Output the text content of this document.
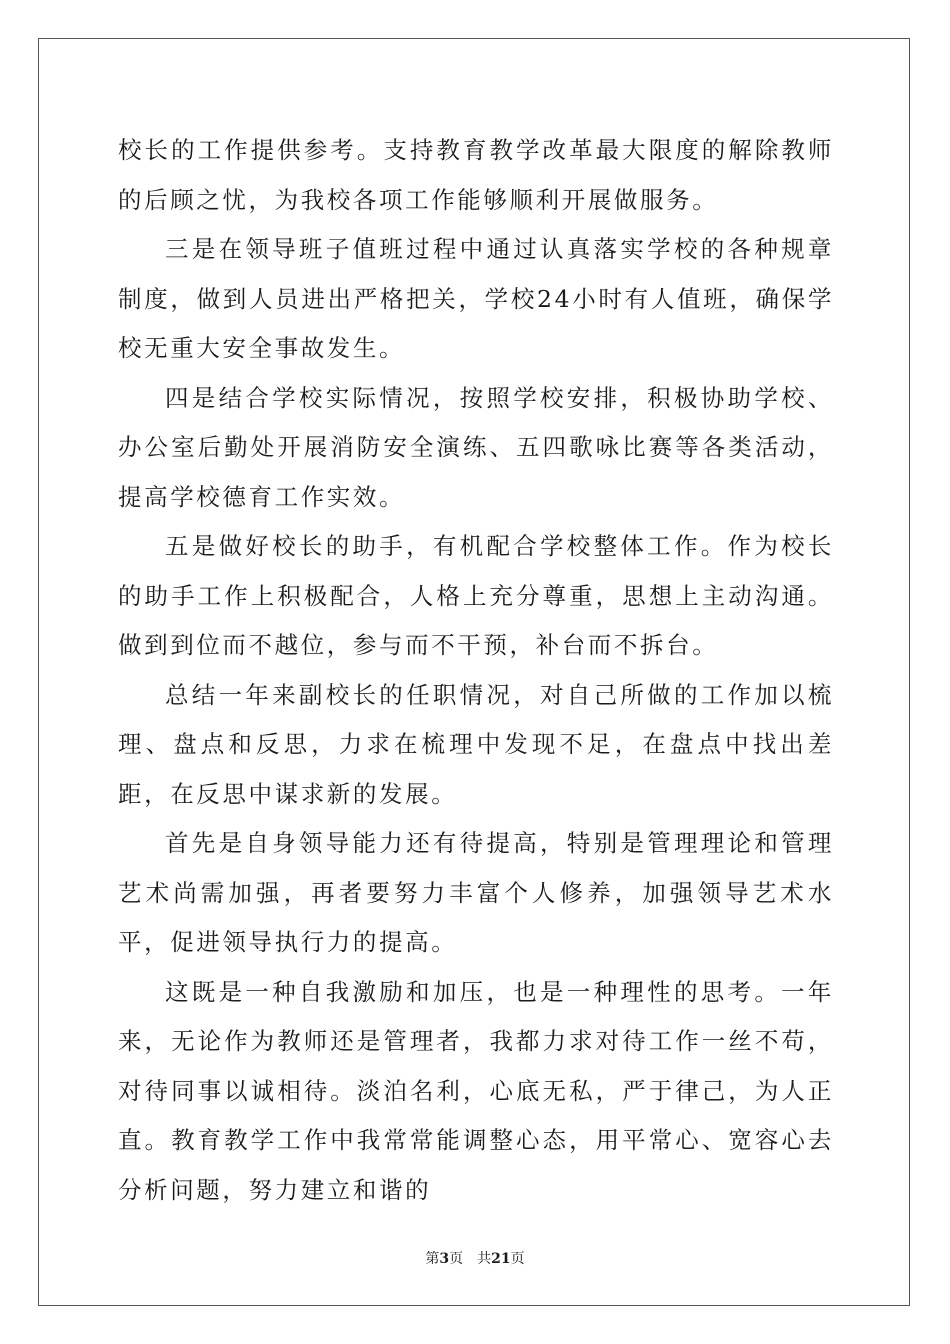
校长的工作提供参考。支持教育教学改革最大限度的解除教师的后顾之忧，为我校各项工作能够顺利开展做服务。

三是在领导班子值班过程中通过认真落实学校的各种规章制度，做到人员进出严格把关，学校24小时有人值班，确保学校无重大安全事故发生。

四是结合学校实际情况，按照学校安排，积极协助学校、办公室后勤处开展消防安全演练、五四歌咏比赛等各类活动，提高学校德育工作实效。

五是做好校长的助手，有机配合学校整体工作。作为校长的助手工作上积极配合，人格上充分尊重，思想上主动沟通。做到到位而不越位，参与而不干预，补台而不拆台。

总结一年来副校长的任职情况，对自己所做的工作加以梳理、盘点和反思，力求在梳理中发现不足，在盘点中找出差距，在反思中谋求新的发展。

首先是自身领导能力还有待提高，特别是管理理论和管理艺术尚需加强，再者要努力丰富个人修养，加强领导艺术水平，促进领导执行力的提高。

这既是一种自我激励和加压，也是一种理性的思考。一年来，无论作为教师还是管理者，我都力求对待工作一丝不苟，对待同事以诚相待。淡泊名利，心底无私，严于律己，为人正直。教育教学工作中我常常能调整心态，用平常心、宽容心去分析问题，努力建立和谐的

第3页 共21页
